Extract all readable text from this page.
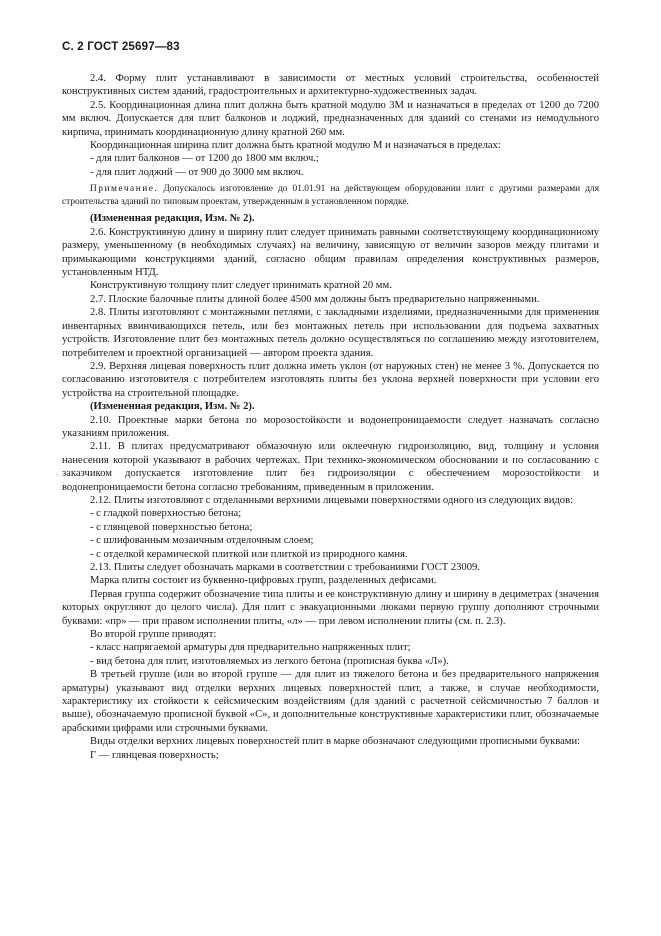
С. 2 ГОСТ 25697—83

2.4. Форму плит устанавливают в зависимости от местных условий строительства, особенностей конструктивных систем зданий, градостроительных и архитектурно-художественных задач.

2.5. Координационная длина плит должна быть кратной модулю 3М и назначаться в пределах от 1200 до 7200 мм включ. Допускается для плит балконов и лоджий, предназначенных для зданий со стенами из немодульного кирпича, принимать координационную длину кратной 260 мм.

Координационная ширина плит должна быть кратной модулю М и назначаться в пределах:

- для плит балконов — от 1200 до 1800 мм включ.;

- для плит лоджий — от 900 до 3000 мм включ.

Примечание. Допускалось изготовление до 01.01.91 на действующем оборудовании плит с другими размерами для строительства зданий по типовым проектам, утвержденным в установленном порядке.

(Измененная редакция, Изм. № 2).

2.6. Конструктивную длину и ширину плит следует принимать равными соответствующему координационному размеру, уменьшенному (в необходимых случаях) на величину, зависящую от величин зазоров между плитами и примыкающими конструкциями зданий, согласно общим правилам определения конструктивных размеров, установленным НТД.

Конструктивную толщину плит следует принимать кратной 20 мм.

2.7. Плоские балочные плиты длиной более 4500 мм должны быть предварительно напряженными.

2.8. Плиты изготовляют с монтажными петлями, с закладными изделиями, предназначенными для применения инвентарных ввинчивающихся петель, или без монтажных петель при использовании для подъема захватных устройств. Изготовление плит без монтажных петель должно осуществляться по соглашению между изготовителем, потребителем и проектной организацией — автором проекта здания.

2.9. Верхняя лицевая поверхность плит должна иметь уклон (от наружных стен) не менее 3 %. Допускается по согласованию изготовителя с потребителем изготовлять плиты без уклона верхней поверхности при условии его устройства на строительной площадке.

(Измененная редакция, Изм. № 2).

2.10. Проектные марки бетона по морозостойкости и водонепроницаемости следует назначать согласно указаниям приложения.

2.11. В плитах предусматривают обмазочную или оклеечную гидроизоляцию, вид, толщину и условия нанесения которой указывают в рабочих чертежах. При технико-экономическом обосновании и по согласованию с заказчиком допускается изготовление плит без гидроизоляции с обеспечением морозостойкости и водонепроницаемости бетона согласно требованиям, приведенным в приложении.

2.12. Плиты изготовляют с отделанными верхними лицевыми поверхностями одного из следующих видов:

- с гладкой поверхностью бетона;

- с глянцевой поверхностью бетона;

- с шлифованным мозаичным отделочным слоем;

- с отделкой керамической плиткой или плиткой из природного камня.

2.13. Плиты следует обозначать марками в соответствии с требованиями ГОСТ 23009.

Марка плиты состоит из буквенно-цифровых групп, разделенных дефисами.

Первая группа содержит обозначение типа плиты и ее конструктивную длину и ширину в дециметрах (значения которых округляют до целого числа). Для плит с эвакуационными люками первую группу дополняют строчными буквами: «пр» — при правом исполнении плиты, «л» — при левом исполнении плиты (см. п. 2.3).

Во второй группе приводят:

- класс напрягаемой арматуры для предварительно напряженных плит;

- вид бетона для плит, изготовляемых из легкого бетона (прописная буква «Л»).

В третьей группе (или во второй группе — для плит из тяжелого бетона и без предварительного напряжения арматуры) указывают вид отделки верхних лицевых поверхностей плит, а также, в случае необходимости, характеристику их стойкости к сейсмическим воздействиям (для зданий с расчетной сейсмичностью 7 баллов и выше), обозначаемую прописной буквой «С», и дополнительные конструктивные характеристики плит, обозначаемые арабскими цифрами или строчными буквами.

Виды отделки верхних лицевых поверхностей плит в марке обозначают следующими прописными буквами:

Г — глянцевая поверхность;
